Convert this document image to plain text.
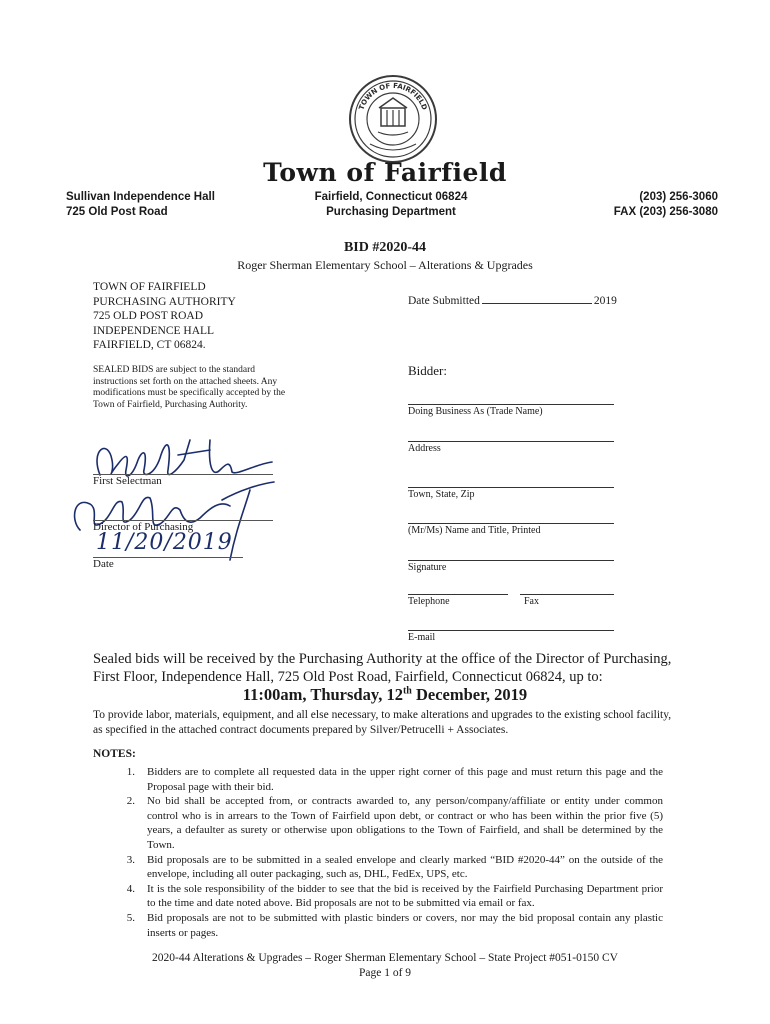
TOWN OF FAIRFIELD
Town of Fairfield
Sullivan Independence Hall
725 Old Post Road
Fairfield, Connecticut 06824
Purchasing Department
(203) 256-3060
FAX (203) 256-3080
BID #2020-44
Roger Sherman Elementary School – Alterations & Upgrades
TOWN OF FAIRFIELD
PURCHASING AUTHORITY
725 OLD POST ROAD
INDEPENDENCE HALL
FAIRFIELD, CT 06824.
Date Submitted	2019
SEALED BIDS are subject to the standard instructions set forth on the attached sheets. Any modifications must be specifically accepted by the Town of Fairfield, Purchasing Authority.
Bidder:
Doing Business As (Trade Name)
Address
Town, State, Zip
(Mr/Ms) Name and Title, Printed
Signature
Telephone	Fax
E-mail
First Selectman
Director of Purchasing
11/20/2019
Date
Sealed bids will be received by the Purchasing Authority at the office of the Director of Purchasing, First Floor, Independence Hall, 725 Old Post Road, Fairfield, Connecticut 06824, up to:
11:00am, Thursday, 12th December, 2019
To provide labor, materials, equipment, and all else necessary, to make alterations and upgrades to the existing school facility, as specified in the attached contract documents prepared by Silver/Petrucelli + Associates.
NOTES:
1.	Bidders are to complete all requested data in the upper right corner of this page and must return this page and the Proposal page with their bid.
2.	No bid shall be accepted from, or contracts awarded to, any person/company/affiliate or entity under common control who is in arrears to the Town of Fairfield upon debt, or contract or who has been within the prior five (5) years, a defaulter as surety or otherwise upon obligations to the Town of Fairfield, and shall be determined by the Town.
3.	Bid proposals are to be submitted in a sealed envelope and clearly marked “BID #2020-44” on the outside of the envelope, including all outer packaging, such as, DHL, FedEx, UPS, etc.
4.	It is the sole responsibility of the bidder to see that the bid is received by the Fairfield Purchasing Department prior to the time and date noted above. Bid proposals are not to be submitted via email or fax.
5.	Bid proposals are not to be submitted with plastic binders or covers, nor may the bid proposal contain any plastic inserts or pages.
2020-44 Alterations & Upgrades – Roger Sherman Elementary School – State Project #051-0150 CV
Page 1 of 9
